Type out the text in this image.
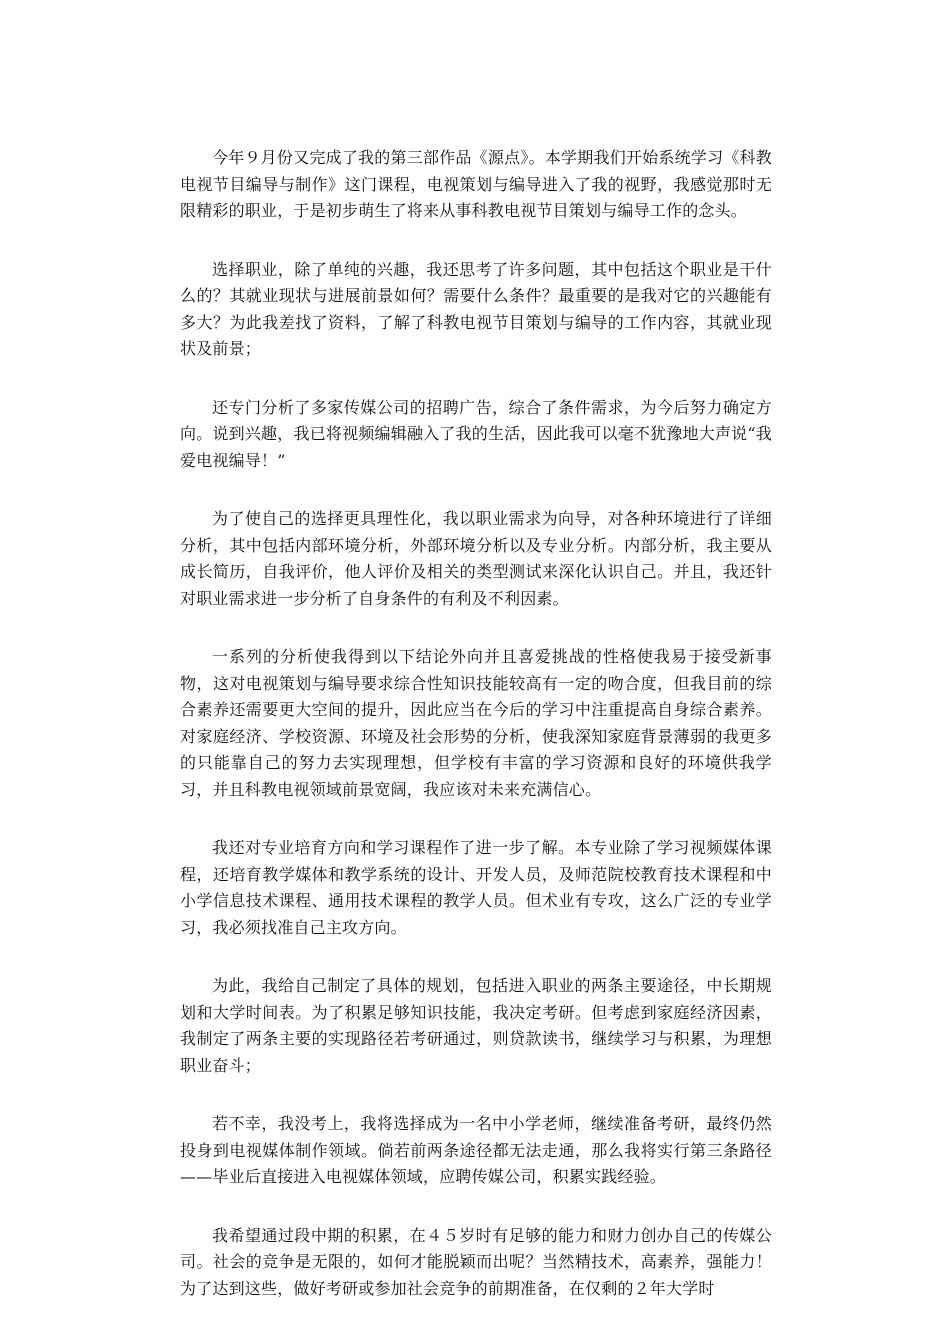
今年９月份又完成了我的第三部作品《源点》。本学期我们开始系统学习《科教电视节目编导与制作》这门课程，电视策划与编导进入了我的视野，我感觉那时无限精彩的职业，于是初步萌生了将来从事科教电视节目策划与编导工作的念头。

选择职业，除了单纯的兴趣，我还思考了许多问题，其中包括这个职业是干什么的？其就业现状与进展前景如何？需要什么条件？最重要的是我对它的兴趣能有多大？为此我差找了资料，了解了科教电视节目策划与编导的工作内容，其就业现状及前景；

还专门分析了多家传媒公司的招聘广告，综合了条件需求，为今后努力确定方向。说到兴趣，我已将视频编辑融入了我的生活，因此我可以毫不犹豫地大声说“我爱电视编导！”

为了使自己的选择更具理性化，我以职业需求为向导，对各种环境进行了详细分析，其中包括内部环境分析，外部环境分析以及专业分析。内部分析，我主要从成长简历，自我评价，他人评价及相关的类型测试来深化认识自己。并且，我还针对职业需求进一步分析了自身条件的有利及不利因素。

一系列的分析使我得到以下结论外向并且喜爱挑战的性格使我易于接受新事物，这对电视策划与编导要求综合性知识技能较高有一定的吻合度，但我目前的综合素养还需要更大空间的提升，因此应当在今后的学习中注重提高自身综合素养。对家庭经济、学校资源、环境及社会形势的分析，使我深知家庭背景薄弱的我更多的只能靠自己的努力去实现理想，但学校有丰富的学习资源和良好的环境供我学习，并且科教电视领域前景宽阔，我应该对未来充满信心。

我还对专业培育方向和学习课程作了进一步了解。本专业除了学习视频媒体课程，还培育教学媒体和教学系统的设计、开发人员，及师范院校教育技术课程和中小学信息技术课程、通用技术课程的教学人员。但术业有专攻，这么广泛的专业学习，我必须找准自己主攻方向。

为此，我给自己制定了具体的规划，包括进入职业的两条主要途径，中长期规划和大学时间表。为了积累足够知识技能，我决定考研。但考虑到家庭经济因素，我制定了两条主要的实现路径若考研通过，则贷款读书，继续学习与积累，为理想职业奋斗；

若不幸，我没考上，我将选择成为一名中小学老师，继续准备考研，最终仍然投身到电视媒体制作领域。倘若前两条途径都无法走通，那么我将实行第三条路径——毕业后直接进入电视媒体领域，应聘传媒公司，积累实践经验。

我希望通过段中期的积累，在４５岁时有足够的能力和财力创办自己的传媒公司。社会的竞争是无限的，如何才能脱颖而出呢？当然精技术，高素养，强能力！为了达到这些，做好考研或参加社会竞争的前期准备，在仅剩的２年大学时
